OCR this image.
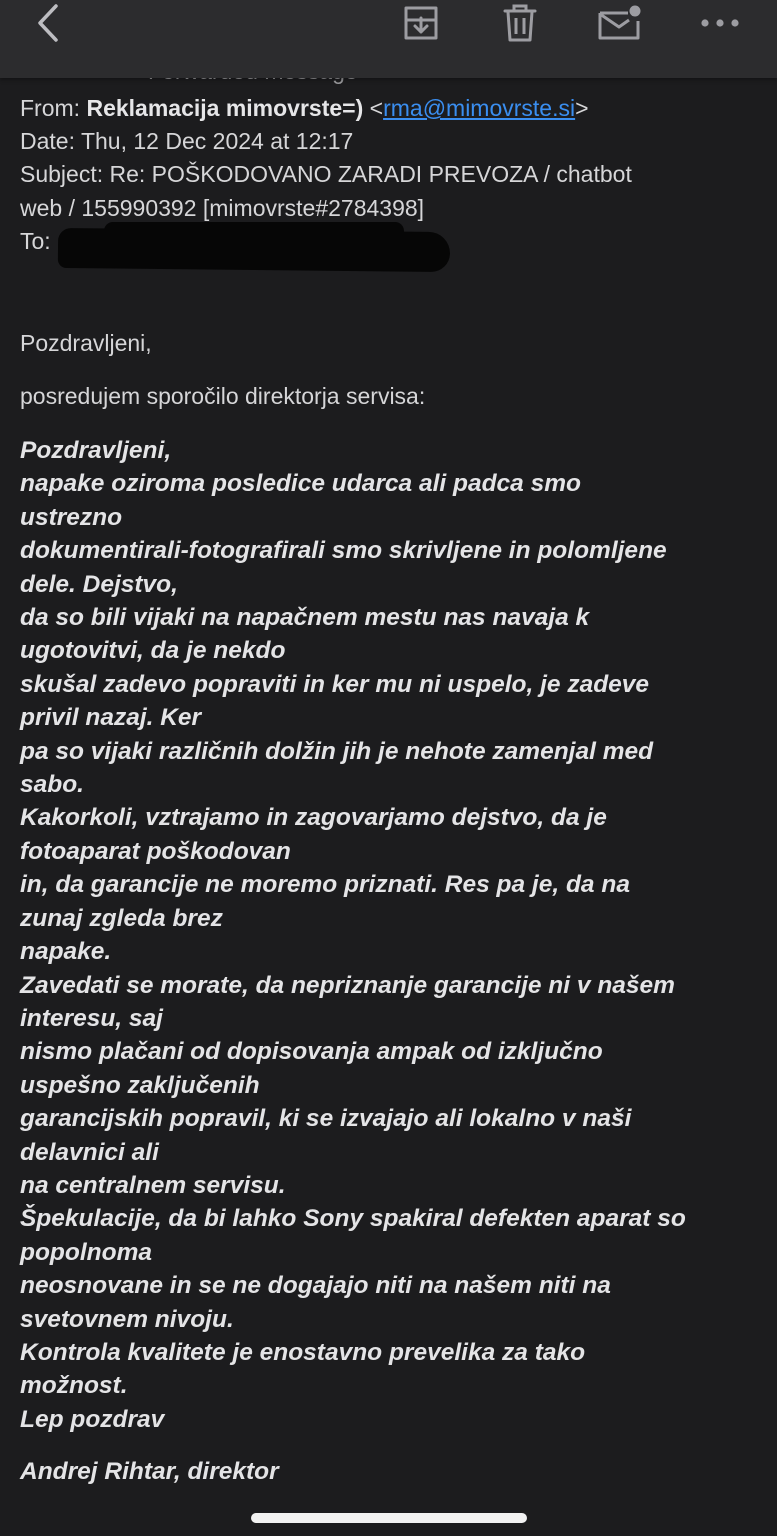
From: Reklamacija mimovrste=) <rma@mimovrste.si>
Date: Thu, 12 Dec 2024 at 12:17
Subject: Re: POŠKODOVANO ZARADI PREVOZA / chatbot
web / 155990392 [mimovrste#2784398]
To:
Pozdravljeni,
posredujem sporočilo direktorja servisa:
Pozdravljeni,
napake oziroma posledice udarca ali padca smo
ustrezno
dokumentirali-fotografirali smo skrivljene in polomljene
dele. Dejstvo,
da so bili vijaki na napačnem mestu nas navaja k
ugotovitvi, da je nekdo
skušal zadevo popraviti in ker mu ni uspelo, je zadeve
privil nazaj. Ker
pa so vijaki različnih dolžin jih je nehote zamenjal med
sabo.
Kakorkoli, vztrajamo in zagovarjamo dejstvo, da je
fotoaparat poškodovan
in, da garancije ne moremo priznati. Res pa je, da na
zunaj zgleda brez
napake.
Zavedati se morate, da nepriznanje garancije ni v našem
interesu, saj
nismo plačani od dopisovanja ampak od izključno
uspešno zaključenih
garancijskih popravil, ki se izvajajo ali lokalno v naši
delavnici ali
na centralnem servisu.
Špekulacije, da bi lahko Sony spakiral defekten aparat so
popolnoma
neosnovane in se ne dogajajo niti na našem niti na
svetovnem nivoju.
Kontrola kvalitete je enostavno prevelika za tako
možnost.
Lep pozdrav
Andrej Rihtar, direktor
